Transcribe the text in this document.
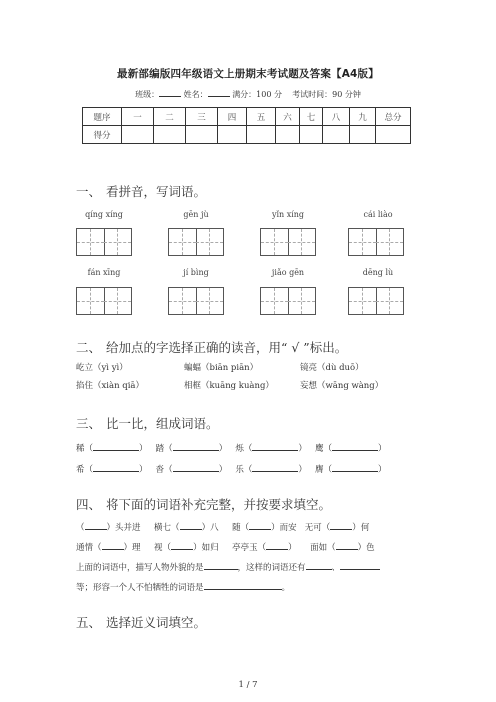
最新部编版四年级语文上册期末考试题及答案【A4版】
班级：	姓名：	满分：100 分 考试时间：90 分钟
题序	一	二	三	四	五	六	七	八	九	总分
得分										
一、 看拼音，写词语。
qíng xíng	gēn jù	yǐn xíng	cái liào
fán xīng	jí bìng	jiǎo gēn	dēng lù
二、 给加点的字选择正确的读音，用“ √ ”标出。
屹立（yì yì）	蝙蝠（biān piān）	镜亮（dù duō）
掐住（xiàn qiā）	相框（kuāng kuàng）	妄想（wāng wàng）
三、 比一比，组成词语。
稀（	） 踏（	） 烁（	） 鹰（	）
希（	） 沓（	） 乐（	） 膺（	）
四、 将下面的词语补充完整，并按要求填空。
（	）头并进 横七（	）八 随（	）而安 无可（	）何
通情（	）理 视（	）如归 亭亭玉（	） 面如（	）色
上面的词语中，描写人物外貌的是	，这样的词语还有	、
等；形容一个人不怕牺牲的词语是	。
五、 选择近义词填空。
1 / 7
